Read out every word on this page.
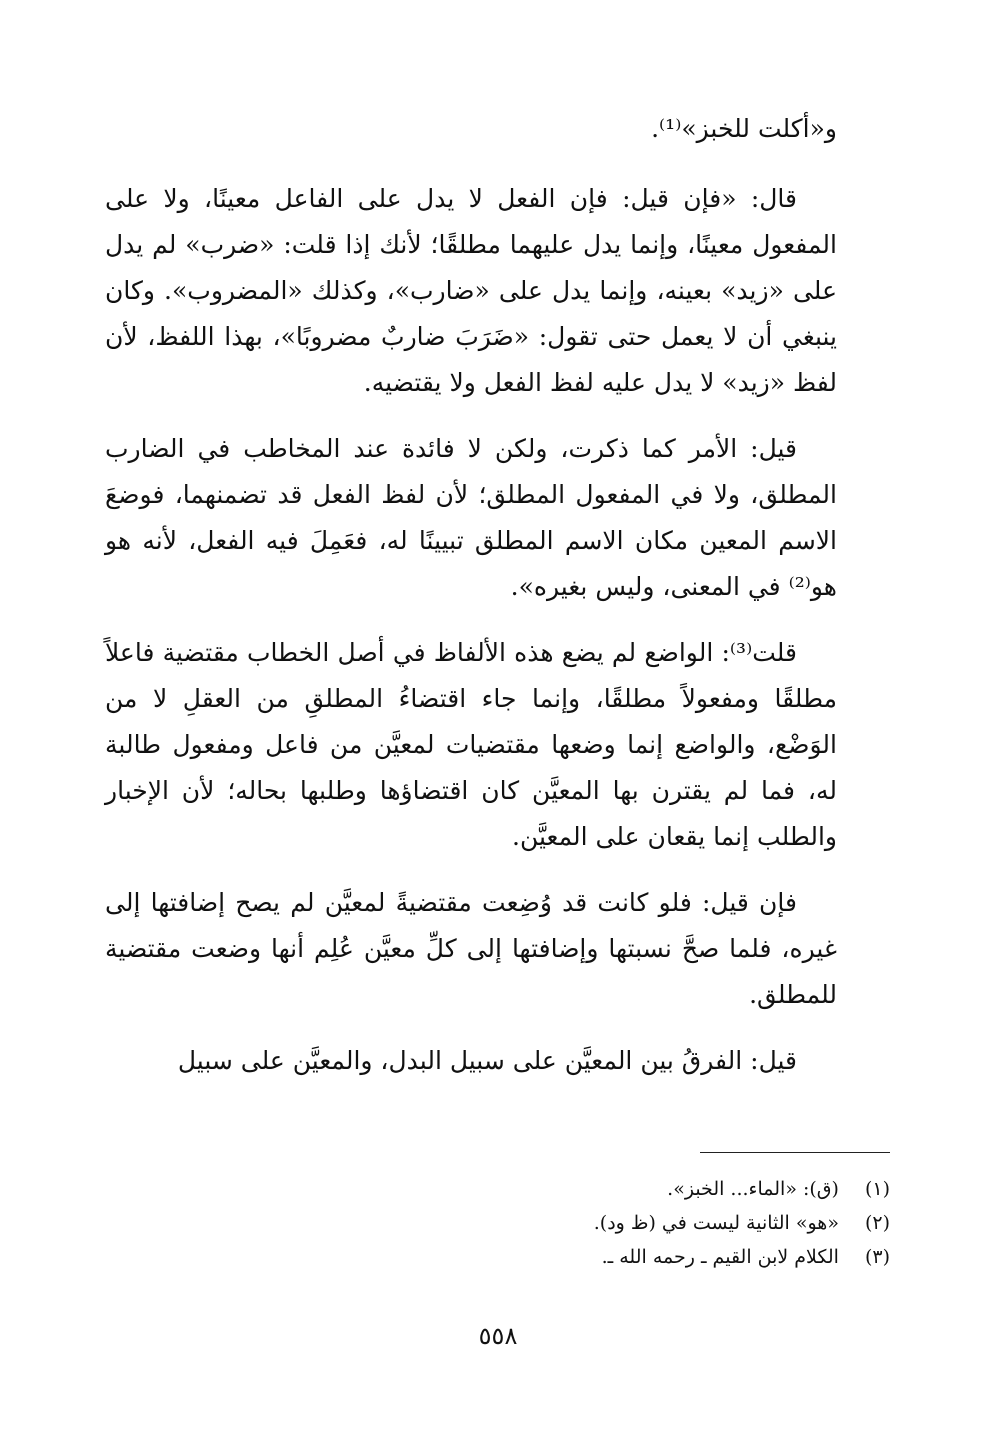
و«أكلت للخبز»⁽¹⁾.

قال: «فإن قيل: فإن الفعل لا يدل على الفاعل معينًا، ولا على المفعول معينًا، وإنما يدل عليهما مطلقًا؛ لأنك إذا قلت: «ضرب» لم يدل على «زيد» بعينه، وإنما يدل على «ضارب»، وكذلك «المضروب». وكان ينبغي أن لا يعمل حتى تقول: «ضَرَبَ ضاربٌ مضروبًا»، بهذا اللفظ، لأن لفظ «زيد» لا يدل عليه لفظ الفعل ولا يقتضيه.

قيل: الأمر كما ذكرت، ولكن لا فائدة عند المخاطب في الضارب المطلق، ولا في المفعول المطلق؛ لأن لفظ الفعل قد تضمنهما، فوضعَ الاسم المعين مكان الاسم المطلق تبيينًا له، فعَمِلَ فيه الفعل، لأنه هو هو⁽²⁾ في المعنى، وليس بغيره».

قلت⁽³⁾: الواضع لم يضع هذه الألفاظ في أصل الخطاب مقتضية فاعلاً مطلقًا ومفعولاً مطلقًا، وإنما جاء اقتضاءُ المطلقِ من العقلِ لا من الوَضْع، والواضع إنما وضعها مقتضيات لمعيَّن من فاعل ومفعول طالبة له، فما لم يقترن بها المعيَّن كان اقتضاؤها وطلبها بحاله؛ لأن الإخبار والطلب إنما يقعان على المعيَّن.

فإن قيل: فلو كانت قد وُضِعت مقتضيةً لمعيَّن لم يصح إضافتها إلى غيره، فلما صحَّ نسبتها وإضافتها إلى كلِّ معيَّن عُلِم أنها وضعت مقتضية للمطلق.

قيل: الفرقُ بين المعيَّن على سبيل البدل، والمعيَّن على سبيل

(١) (ق): «الماء... الخبز».
(٢) «هو» الثانية ليست في (ظ ود).
(٣) الكلام لابن القيم ـ رحمه الله ـ.
٥٥٨
